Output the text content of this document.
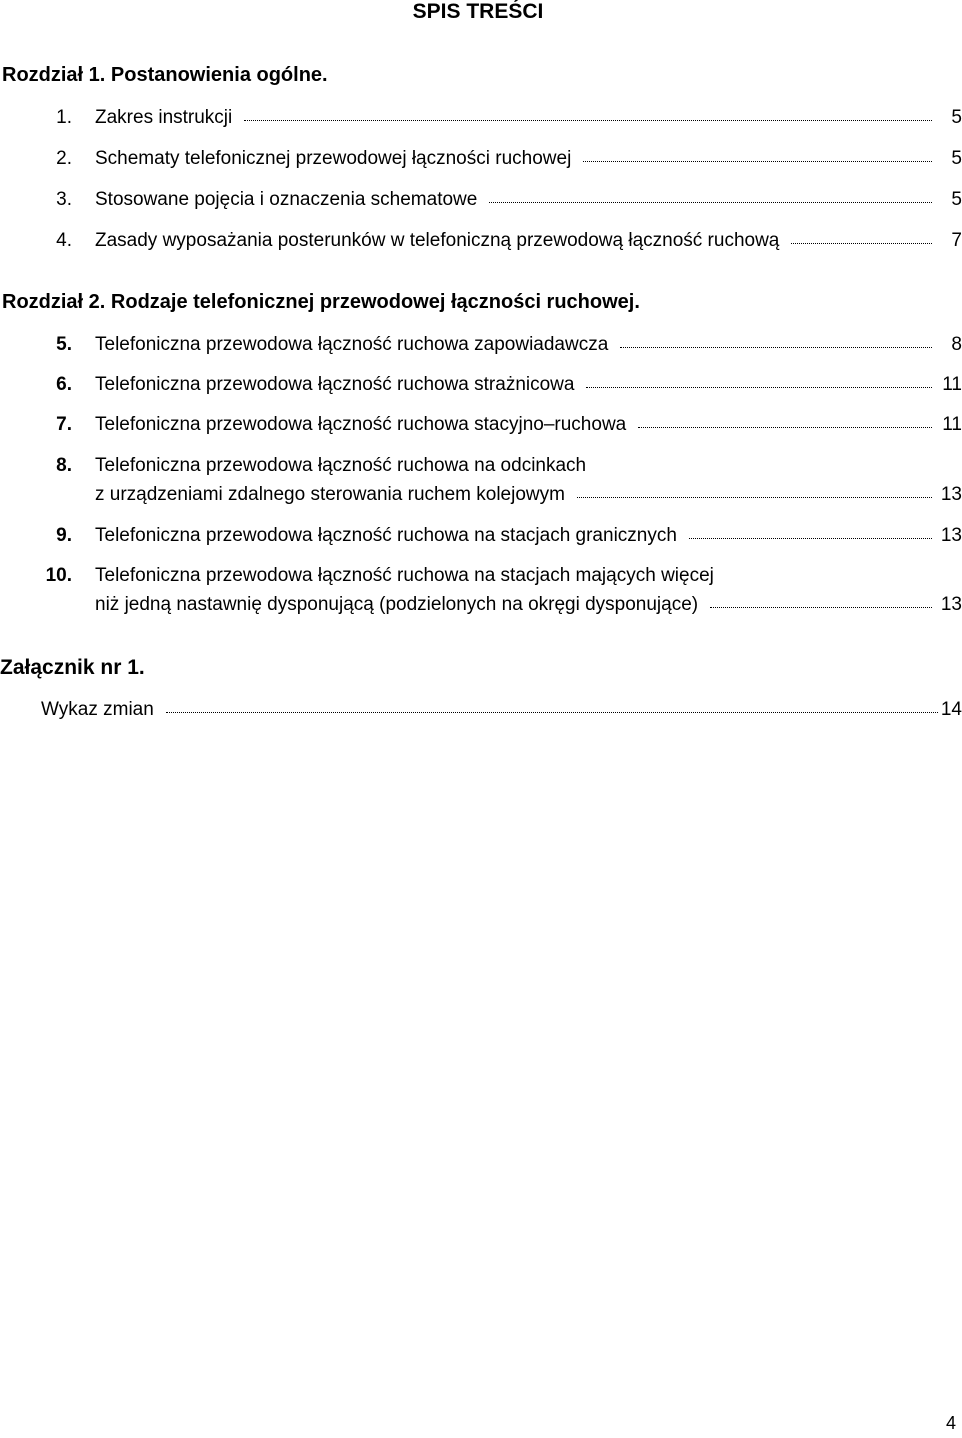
SPIS TREŚCI
Rozdział 1. Postanowienia ogólne.
1. Zakres instrukcji	5
2. Schematy telefonicznej przewodowej łączności ruchowej	5
3. Stosowane pojęcia i oznaczenia schematowe	5
4. Zasady wyposażania posterunków w telefoniczną przewodową łączność ruchową	7
Rozdział 2. Rodzaje telefonicznej przewodowej łączności ruchowej.
5. Telefoniczna przewodowa łączność ruchowa zapowiadawcza	8
6. Telefoniczna przewodowa łączność ruchowa strażnicowa	11
7. Telefoniczna przewodowa łączność ruchowa stacyjno–ruchowa	11
8. Telefoniczna przewodowa łączność ruchowa na odcinkach
z urządzeniami zdalnego sterowania ruchem kolejowym	13
9. Telefoniczna przewodowa łączność ruchowa na stacjach granicznych	13
10. Telefoniczna przewodowa łączność ruchowa na stacjach mających więcej
niż jedną nastawnię dysponującą (podzielonych na okręgi dysponujące)	13
Załącznik nr 1.
Wykaz zmian	14
4
